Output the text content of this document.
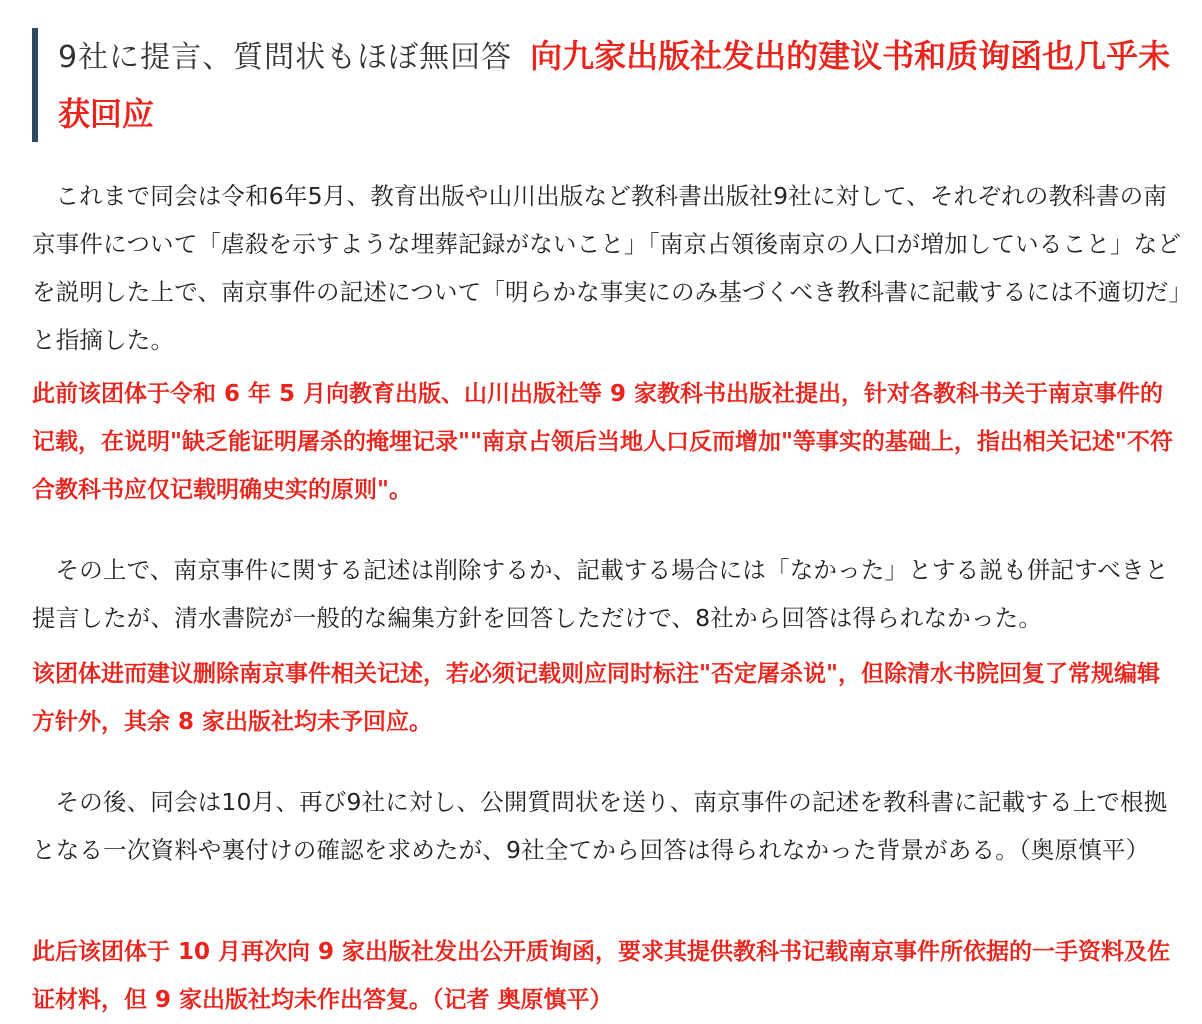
9社に提言、質問状もほぼ無回答 向九家出版社发出的建议书和质询函也几乎未获回应

これまで同会は令和6年5月、教育出版や山川出版など教科書出版社9社に対して、それぞれの教科書の南京事件について「虐殺を示すような埋葬記録がないこと」「南京占領後南京の人口が増加していること」などを説明した上で、南京事件の記述について「明らかな事実にのみ基づくべき教科書に記載するには不適切だ」と指摘した。

此前该团体于令和 6 年 5 月向教育出版、山川出版社等 9 家教科书出版社提出，针对各教科书关于南京事件的记载，在说明"缺乏能证明屠杀的掩埋记录""南京占领后当地人口反而增加"等事实的基础上，指出相关记述"不符合教科书应仅记载明确史实的原则"。

その上で、南京事件に関する記述は削除するか、記載する場合には「なかった」とする説も併記すべきと提言したが、清水書院が一般的な編集方針を回答しただけで、8社から回答は得られなかった。

该团体进而建议删除南京事件相关记述，若必须记载则应同时标注"否定屠杀说"，但除清水书院回复了常规编辑方针外，其余 8 家出版社均未予回应。

その後、同会は10月、再び9社に対し、公開質問状を送り、南京事件の記述を教科書に記載する上で根拠となる一次資料や裏付けの確認を求めたが、9社全てから回答は得られなかった背景がある。（奥原慎平）

此后该团体于 10 月再次向 9 家出版社发出公开质询函，要求其提供教科书记载南京事件所依据的一手资料及佐证材料，但 9 家出版社均未作出答复。（记者 奥原慎平）
